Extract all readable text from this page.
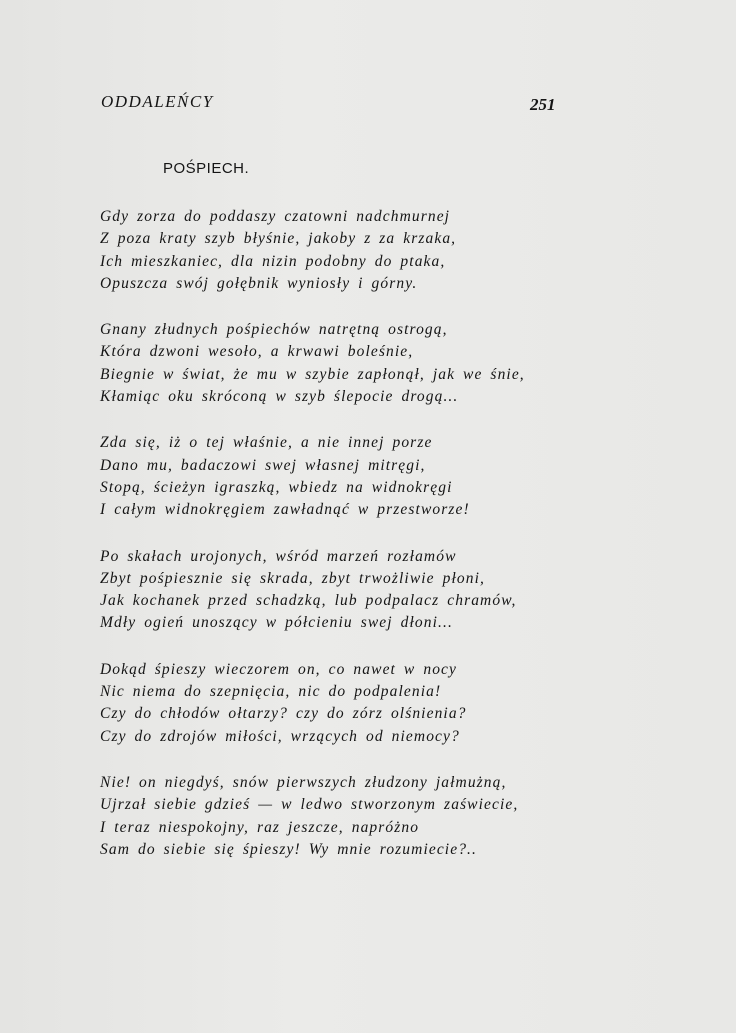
ODDALEŃCY	251
POŚPIECH.
Gdy zorza do poddaszy czatowni nadchmurnej
Z poza kraty szyb błyśnie, jakoby z za krzaka,
Ich mieszkaniec, dla nizin podobny do ptaka,
Opuszcza swój gołębnik wyniosły i górny.
Gnany złudnych pośpiechów natrętną ostrogą,
Która dzwoni wesoło, a krwawi boleśnie,
Biegnie w świat, że mu w szybie zapłonął, jak we śnie,
Kłamiąc oku skróconą w szyb ślepocie drogą...
Zda się, iż o tej właśnie, a nie innej porze
Dano mu, badaczowi swej własnej mitręgi,
Stopą, ścieżyn igraszką, wbiedz na widnokręgi
I całym widnokręgiem zawładnąć w przestworze!
Po skałach urojonych, wśród marzeń rozłamów
Zbyt pośpiesznie się skrada, zbyt trwożliwie płoni,
Jak kochanek przed schadzką, lub podpalacz chramów,
Mdły ogień unoszący w półcieniu swej dłoni...
Dokąd śpieszy wieczorem on, co nawet w nocy
Nic niema do szepnięcia, nic do podpalenia!
Czy do chłodów ołtarzy? czy do zórz olśnienia?
Czy do zdrojów miłości, wrzących od niemocy?
Nie! on niegdyś, snów pierwszych złudzony jałmużną,
Ujrzał siebie gdzieś — w ledwo stworzonym zaświecie,
I teraz niespokojny, raz jeszcze, napróżno
Sam do siebie się śpieszy! Wy mnie rozumiecie?..
